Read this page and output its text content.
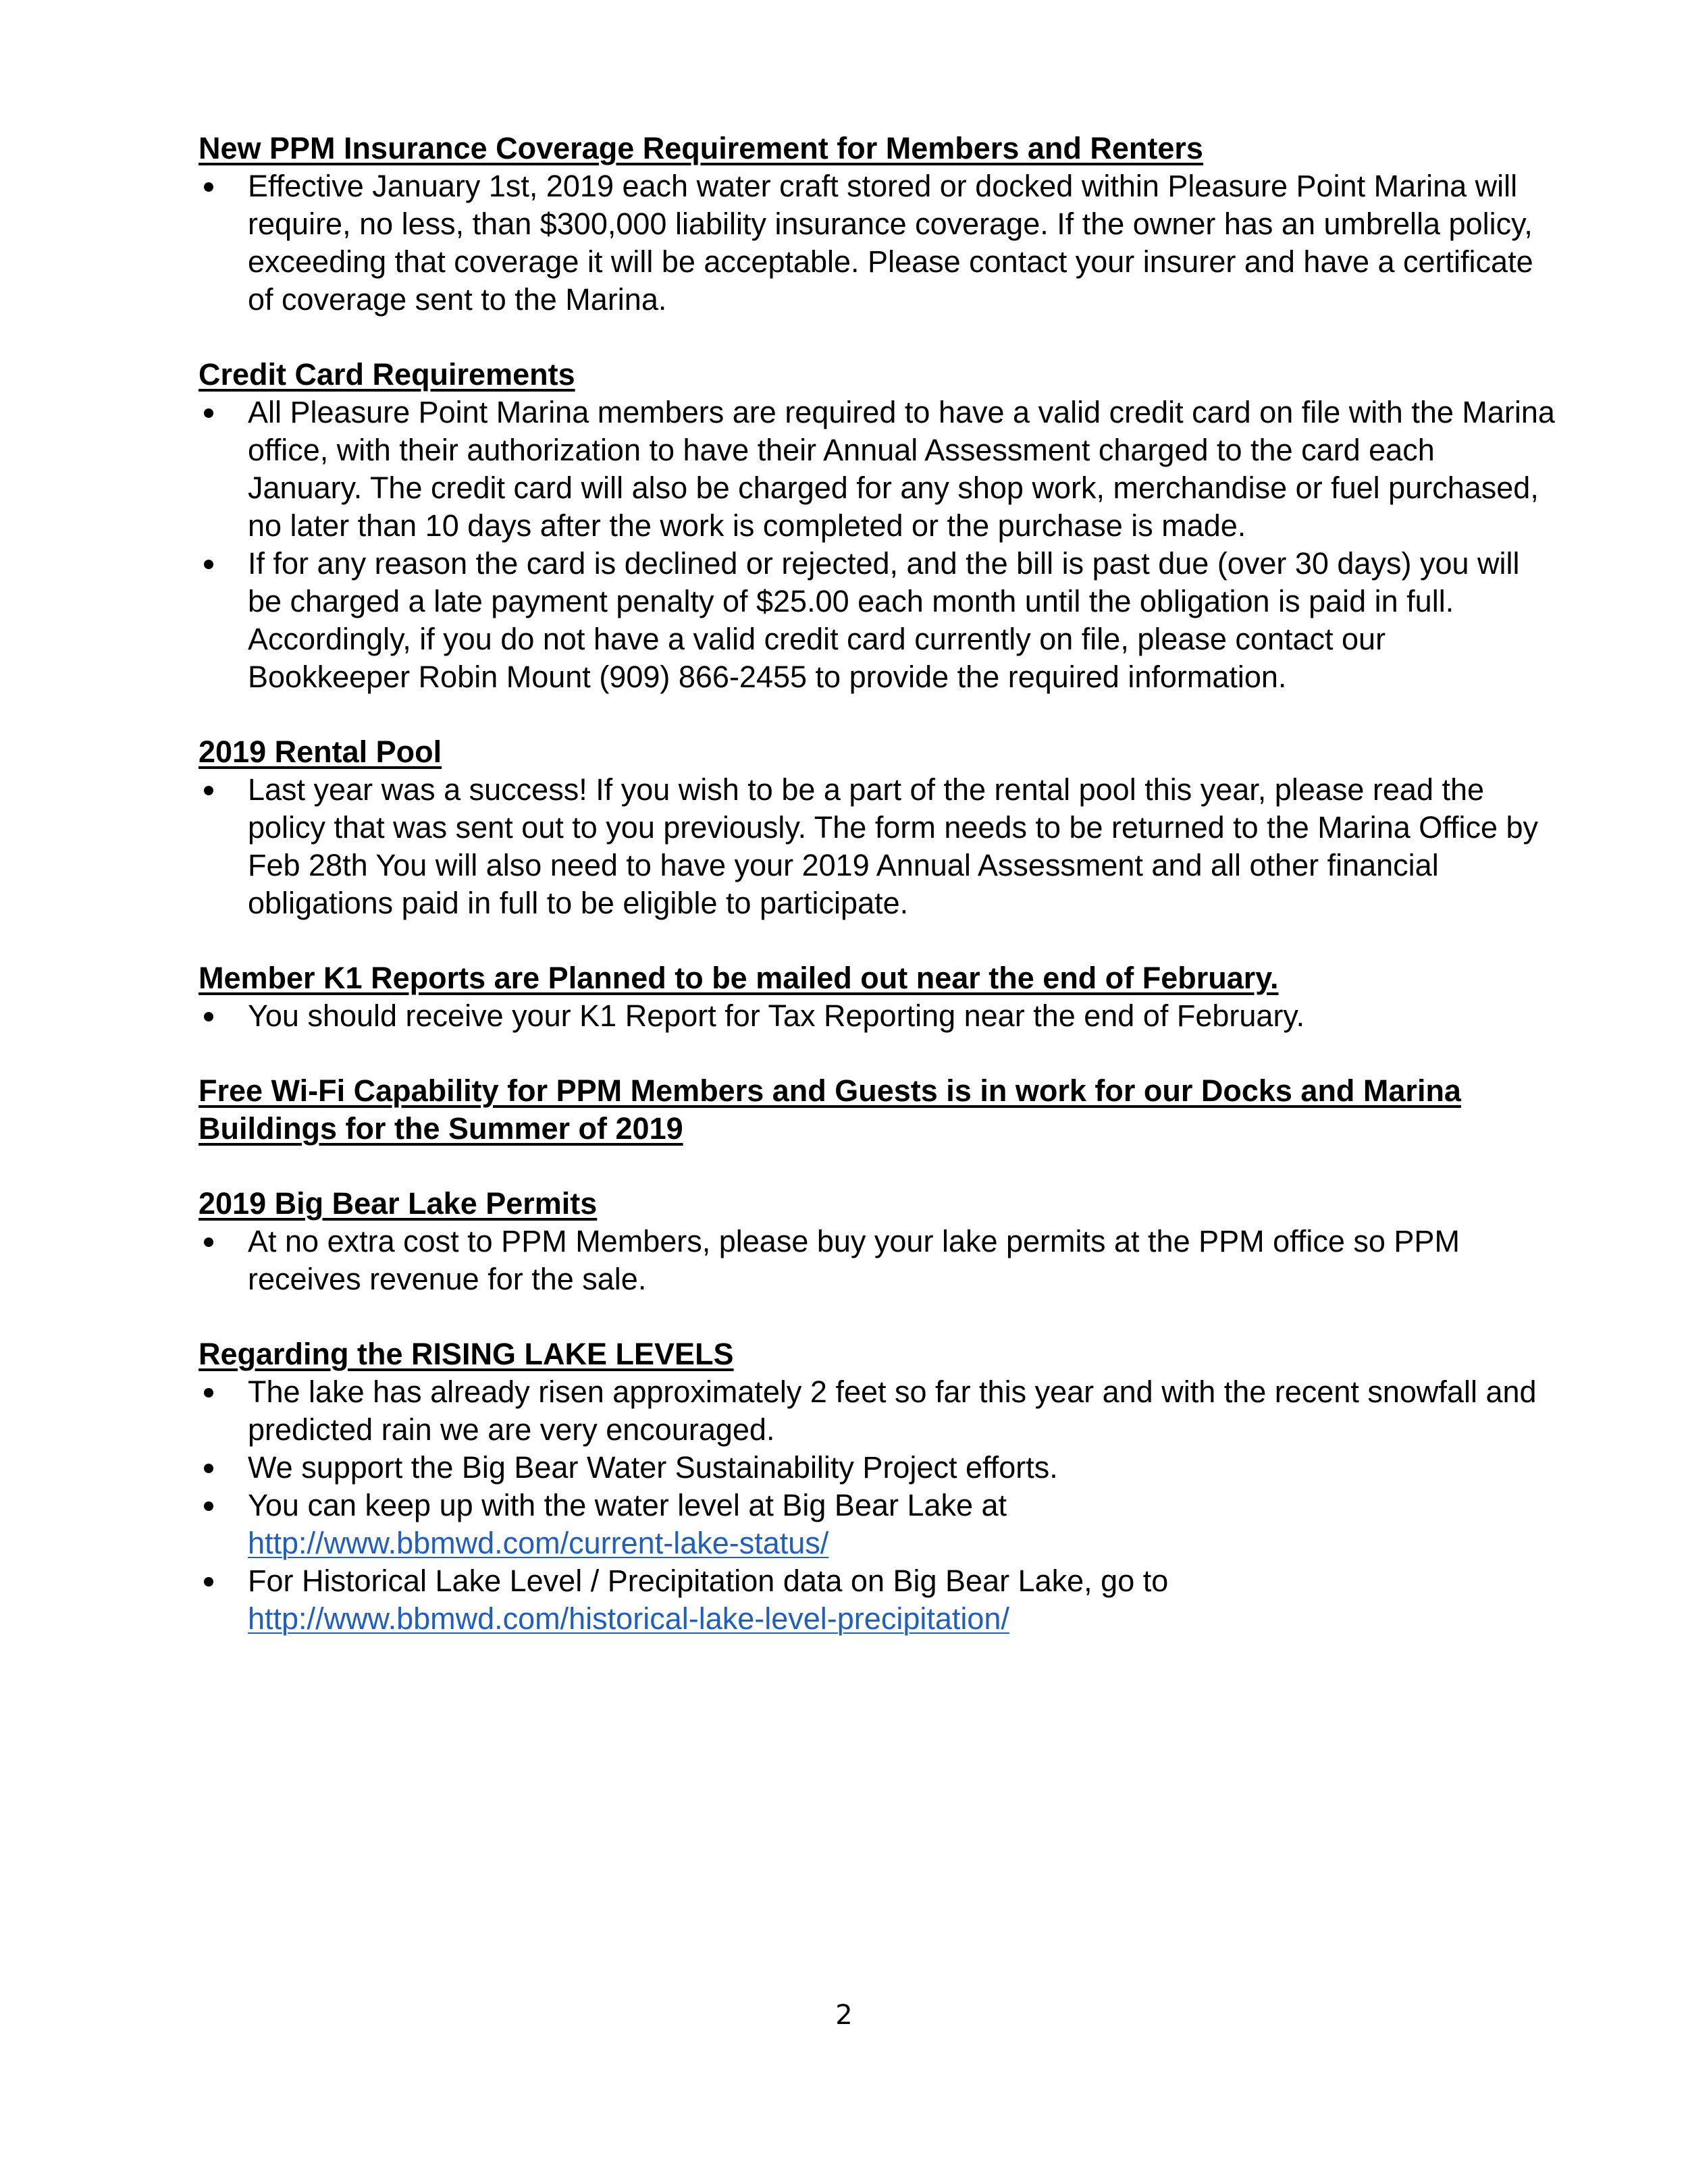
New PPM Insurance Coverage Requirement for Members and Renters
Effective January 1st, 2019 each water craft stored or docked within Pleasure Point Marina will require, no less, than $300,000 liability insurance coverage. If the owner has an umbrella policy, exceeding that coverage it will be acceptable. Please contact your insurer and have a certificate of coverage sent to the Marina.
Credit Card Requirements
All Pleasure Point Marina members are required to have a valid credit card on file with the Marina office, with their authorization to have their Annual Assessment charged to the card each January. The credit card will also be charged for any shop work, merchandise or fuel purchased, no later than 10 days after the work is completed or the purchase is made.
If for any reason the card is declined or rejected, and the bill is past due (over 30 days) you will be charged a late payment penalty of $25.00 each month until the obligation is paid in full. Accordingly, if you do not have a valid credit card currently on file, please contact our Bookkeeper Robin Mount (909) 866-2455 to provide the required information.
2019 Rental Pool
Last year was a success! If you wish to be a part of the rental pool this year, please read the policy that was sent out to you previously. The form needs to be returned to the Marina Office by Feb 28th You will also need to have your 2019 Annual Assessment and all other financial obligations paid in full to be eligible to participate.
Member K1 Reports are Planned to be mailed out near the end of February.
You should receive your K1 Report for Tax Reporting near the end of February.
Free Wi-Fi Capability for PPM Members and Guests is in work for our Docks and Marina Buildings for the Summer of 2019
2019 Big Bear Lake Permits
At no extra cost to PPM Members, please buy your lake permits at the PPM office so PPM receives revenue for the sale.
Regarding the RISING LAKE LEVELS
The lake has already risen approximately 2 feet so far this year and with the recent snowfall and predicted rain we are very encouraged.
We support the Big Bear Water Sustainability Project efforts.
You can keep up with the water level at Big Bear Lake at
http://www.bbmwd.com/current-lake-status/
For Historical Lake Level / Precipitation data on Big Bear Lake, go to
http://www.bbmwd.com/historical-lake-level-precipitation/
2
